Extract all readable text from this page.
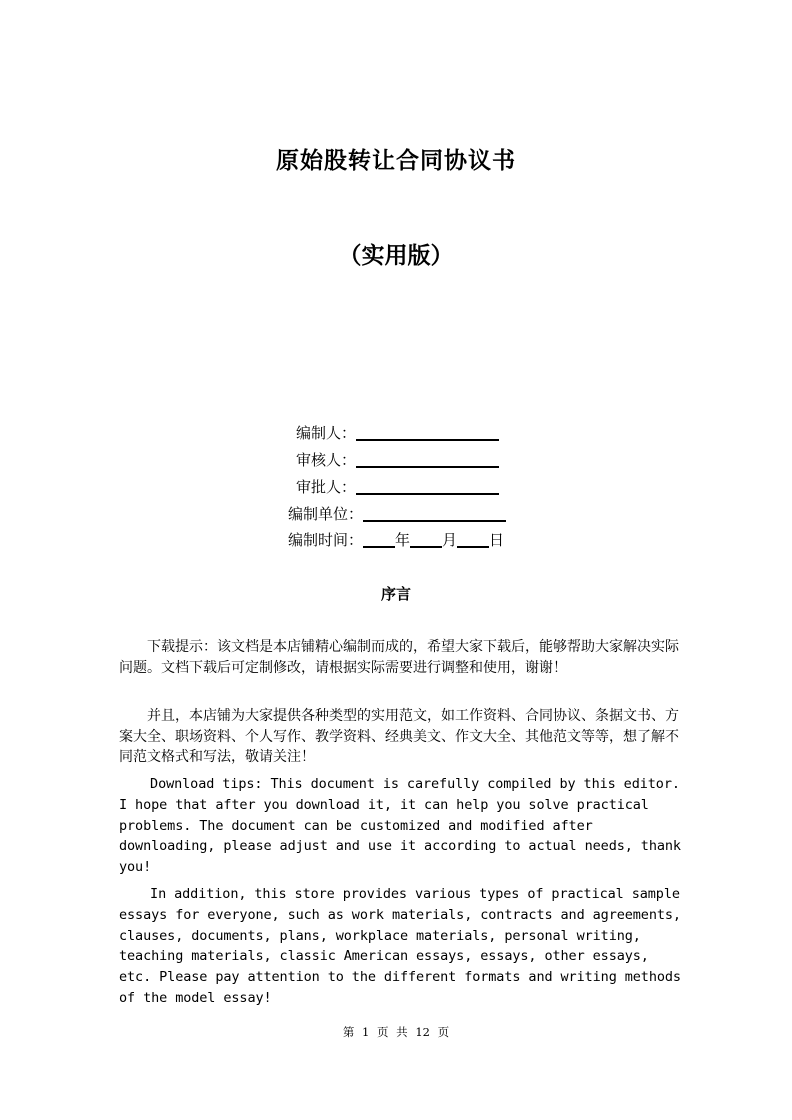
原始股转让合同协议书
（实用版）
编制人：
审核人：
审批人：
编制单位：
编制时间： 年 月 日
序言
下载提示：该文档是本店铺精心编制而成的，希望大家下载后，能够帮助大家解决实际问题。文档下载后可定制修改，请根据实际需要进行调整和使用，谢谢！
并且，本店铺为大家提供各种类型的实用范文，如工作资料、合同协议、条据文书、方案大全、职场资料、个人写作、教学资料、经典美文、作文大全、其他范文等等，想了解不同范文格式和写法，敬请关注！
Download tips: This document is carefully compiled by this editor. I hope that after you download it, it can help you solve practical problems. The document can be customized and modified after downloading, please adjust and use it according to actual needs, thank you!
In addition, this store provides various types of practical sample essays for everyone, such as work materials, contracts and agreements, clauses, documents, plans, workplace materials, personal writing, teaching materials, classic American essays, essays, other essays, etc. Please pay attention to the different formats and writing methods of the model essay!
第 1 页 共 12 页
